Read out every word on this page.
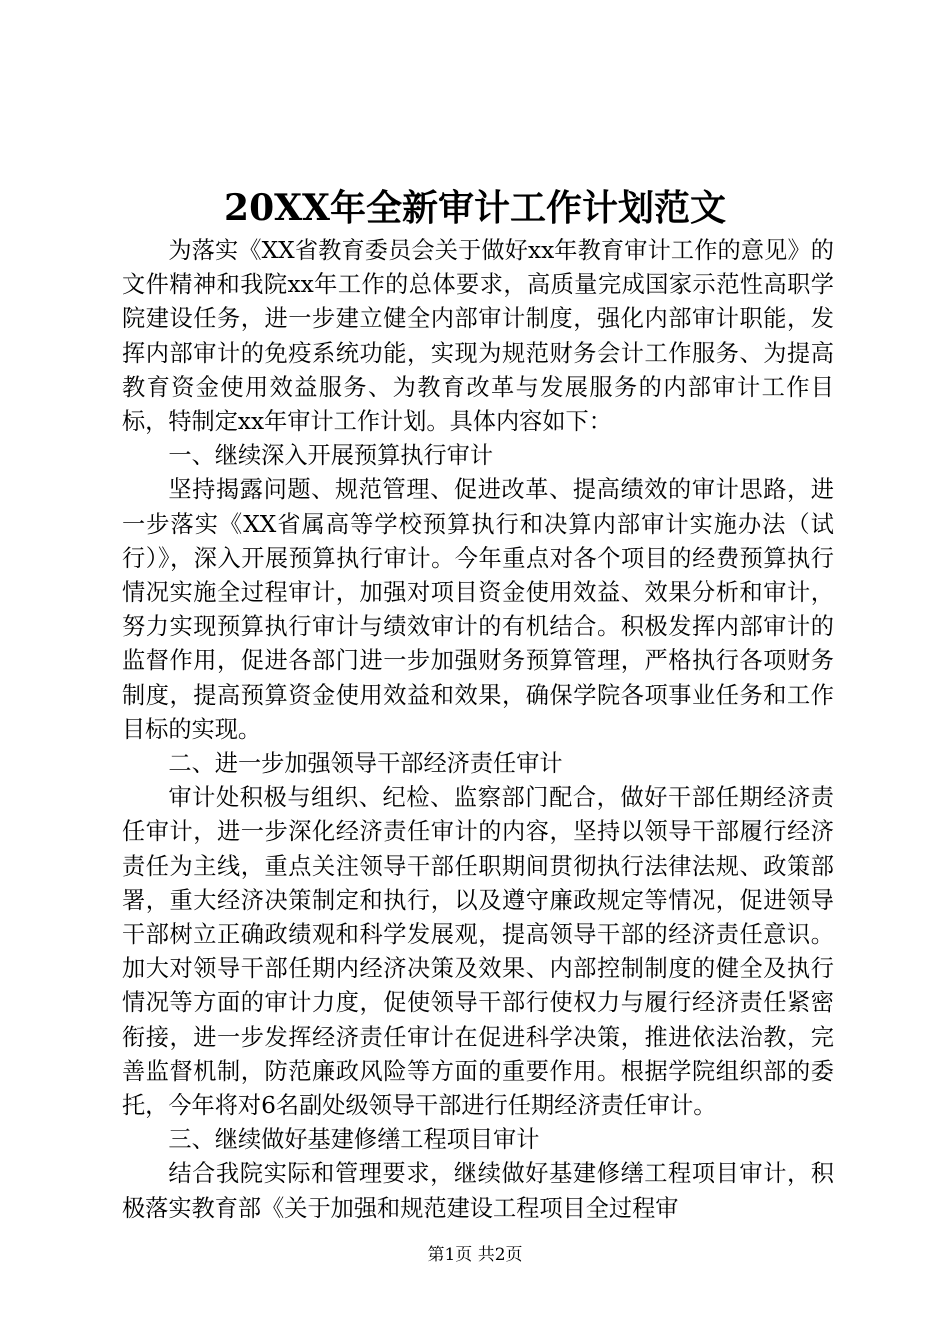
20XX年全新审计工作计划范文

为落实《XX省教育委员会关于做好xx年教育审计工作的意见》的文件精神和我院xx年工作的总体要求，高质量完成国家示范性高职学院建设任务，进一步建立健全内部审计制度，强化内部审计职能，发挥内部审计的免疫系统功能，实现为规范财务会计工作服务、为提高教育资金使用效益服务、为教育改革与发展服务的内部审计工作目标，特制定xx年审计工作计划。具体内容如下：

一、继续深入开展预算执行审计

坚持揭露问题、规范管理、促进改革、提高绩效的审计思路，进一步落实《XX省属高等学校预算执行和决算内部审计实施办法（试行）》，深入开展预算执行审计。今年重点对各个项目的经费预算执行情况实施全过程审计，加强对项目资金使用效益、效果分析和审计，努力实现预算执行审计与绩效审计的有机结合。积极发挥内部审计的监督作用，促进各部门进一步加强财务预算管理，严格执行各项财务制度，提高预算资金使用效益和效果，确保学院各项事业任务和工作目标的实现。

二、进一步加强领导干部经济责任审计

审计处积极与组织、纪检、监察部门配合，做好干部任期经济责任审计，进一步深化经济责任审计的内容，坚持以领导干部履行经济责任为主线，重点关注领导干部任职期间贯彻执行法律法规、政策部署，重大经济决策制定和执行，以及遵守廉政规定等情况，促进领导干部树立正确政绩观和科学发展观，提高领导干部的经济责任意识。加大对领导干部任期内经济决策及效果、内部控制制度的健全及执行情况等方面的审计力度，促使领导干部行使权力与履行经济责任紧密衔接，进一步发挥经济责任审计在促进科学决策，推进依法治教，完善监督机制，防范廉政风险等方面的重要作用。根据学院组织部的委托，今年将对6名副处级领导干部进行任期经济责任审计。

三、继续做好基建修缮工程项目审计

结合我院实际和管理要求，继续做好基建修缮工程项目审计，积极落实教育部《关于加强和规范建设工程项目全过程审

第1页 共2页
